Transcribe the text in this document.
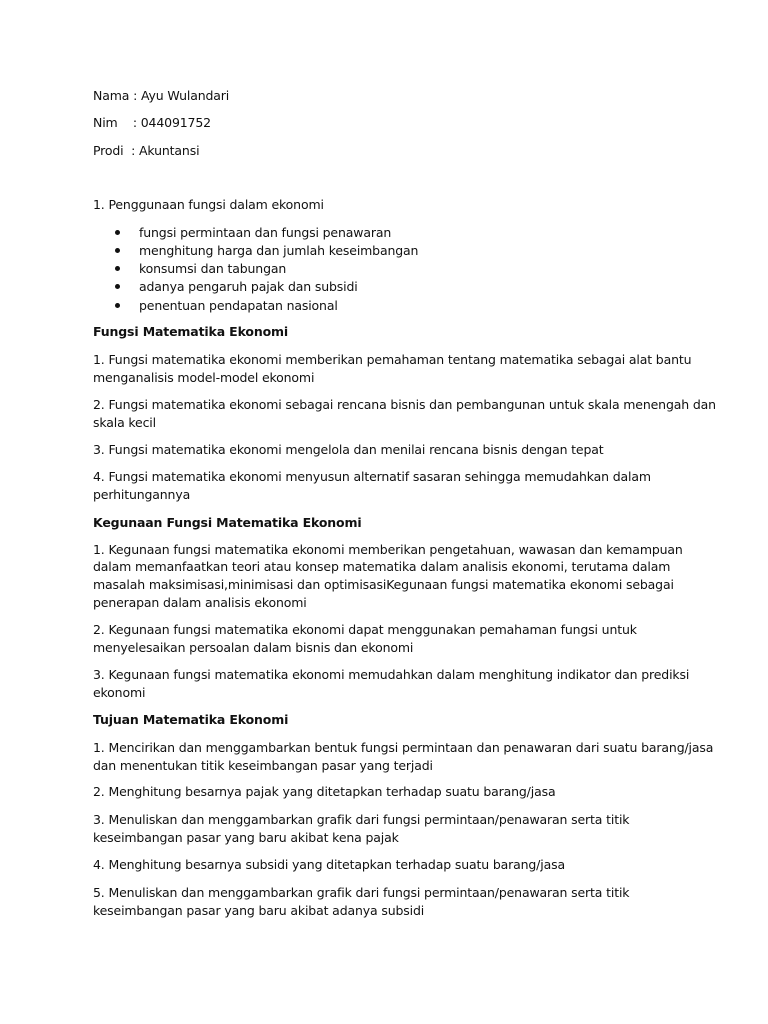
Nama : Ayu Wulandari
Nim    : 044091752
Prodi  : Akuntansi
1. Penggunaan fungsi dalam ekonomi
fungsi permintaan dan fungsi penawaran
menghitung harga dan jumlah keseimbangan
konsumsi dan tabungan
adanya pengaruh pajak dan subsidi
penentuan pendapatan nasional
Fungsi Matematika Ekonomi
1. Fungsi matematika ekonomi memberikan pemahaman tentang matematika sebagai alat bantu
menganalisis model-model ekonomi
2. Fungsi matematika ekonomi sebagai rencana bisnis dan pembangunan untuk skala menengah dan
skala kecil
3. Fungsi matematika ekonomi mengelola dan menilai rencana bisnis dengan tepat
4. Fungsi matematika ekonomi menyusun alternatif sasaran sehingga memudahkan dalam
perhitungannya
Kegunaan Fungsi Matematika Ekonomi
1. Kegunaan fungsi matematika ekonomi memberikan pengetahuan, wawasan dan kemampuan
dalam memanfaatkan teori atau konsep matematika dalam analisis ekonomi, terutama dalam
masalah maksimisasi,minimisasi dan optimisasiKegunaan fungsi matematika ekonomi sebagai
penerapan dalam analisis ekonomi
2. Kegunaan fungsi matematika ekonomi dapat menggunakan pemahaman fungsi untuk
menyelesaikan persoalan dalam bisnis dan ekonomi
3. Kegunaan fungsi matematika ekonomi memudahkan dalam menghitung indikator dan prediksi
ekonomi
Tujuan Matematika Ekonomi
1. Mencirikan dan menggambarkan bentuk fungsi permintaan dan penawaran dari suatu barang/jasa
dan menentukan titik keseimbangan pasar yang terjadi
2. Menghitung besarnya pajak yang ditetapkan terhadap suatu barang/jasa
3. Menuliskan dan menggambarkan grafik dari fungsi permintaan/penawaran serta titik
keseimbangan pasar yang baru akibat kena pajak
4. Menghitung besarnya subsidi yang ditetapkan terhadap suatu barang/jasa
5. Menuliskan dan menggambarkan grafik dari fungsi permintaan/penawaran serta titik
keseimbangan pasar yang baru akibat adanya subsidi
